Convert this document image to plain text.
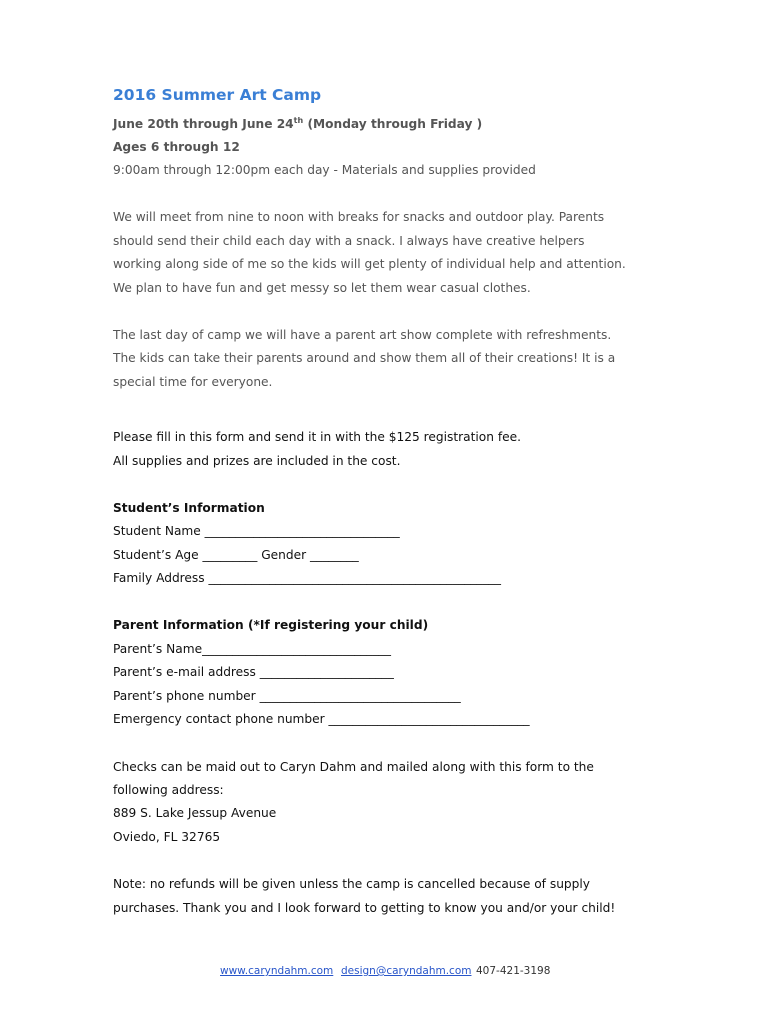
2016 Summer Art Camp
June 20th through June 24th (Monday through Friday )
Ages 6 through 12
9:00am through 12:00pm each day - Materials and supplies provided
We will meet from nine to noon with breaks for snacks and outdoor play. Parents
should send their child each day with a snack. I always have creative helpers
working along side of me so the kids will get plenty of individual help and attention.
We plan to have fun and get messy so let them wear casual clothes.
The last day of camp we will have a parent art show complete with refreshments.
The kids can take their parents around and show them all of their creations! It is a
special time for everyone.
Please fill in this form and send it in with the $125 registration fee.
All supplies and prizes are included in the cost.
Student’s Information
Student Name ________________________________
Student’s Age _________ Gender ________
Family Address ________________________________________________
Parent Information (*If registering your child)
Parent’s Name_______________________________
Parent’s e-mail address ______________________
Parent’s phone number _________________________________
Emergency contact phone number _________________________________
Checks can be maid out to Caryn Dahm and mailed along with this form to the
following address:
889 S. Lake Jessup Avenue
Oviedo, FL 32765
Note: no refunds will be given unless the camp is cancelled because of supply
purchases. Thank you and I look forward to getting to know you and/or your child!
www.caryndahm.com design@caryndahm.com 407-421-3198
